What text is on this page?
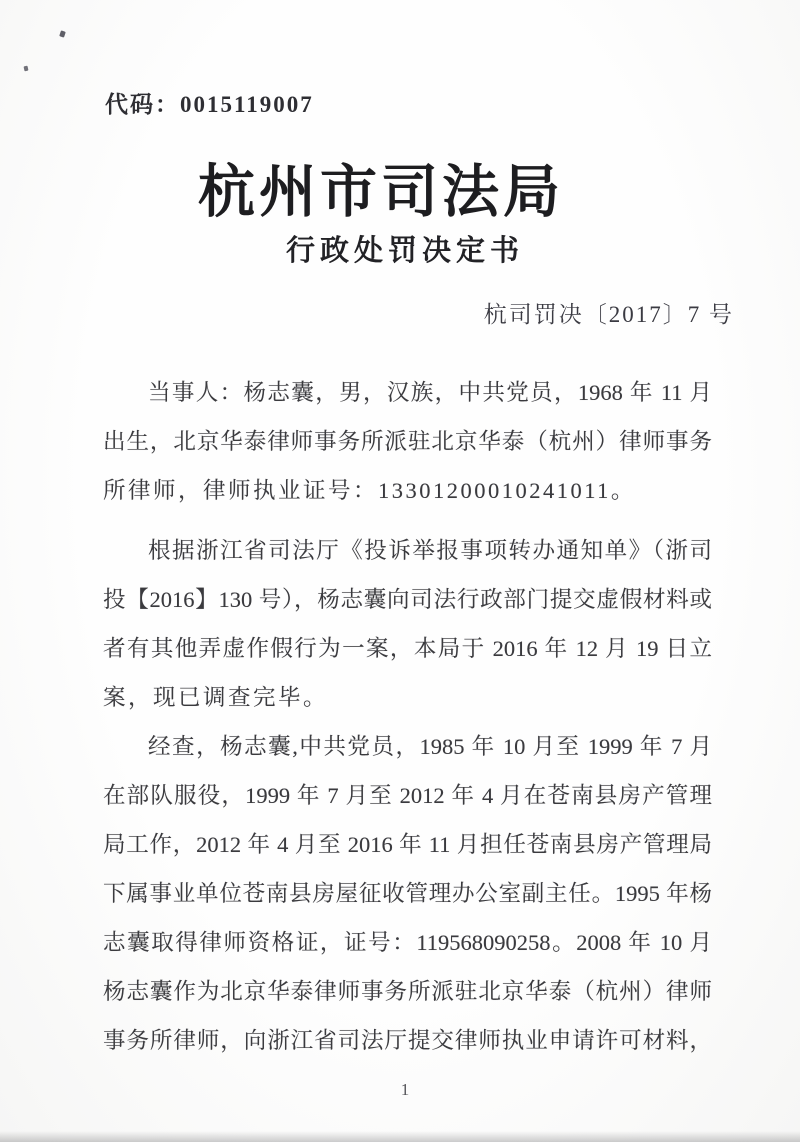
代码：0015119007
杭州市司法局
行政处罚决定书
杭司罚决〔2017〕7 号
当事人：杨志囊，男，汉族，中共党员，1968 年 11 月
出生，北京华泰律师事务所派驻北京华泰（杭州）律师事务
所律师，律师执业证号：13301200010241011。
根据浙江省司法厅《投诉举报事项转办通知单》（浙司
投【2016】130 号），杨志囊向司法行政部门提交虚假材料或
者有其他弄虚作假行为一案，本局于 2016 年 12 月 19 日立
案，现已调查完毕。
经查，杨志囊,中共党员，1985 年 10 月至 1999 年 7 月
在部队服役，1999 年 7 月至 2012 年 4 月在苍南县房产管理
局工作，2012 年 4 月至 2016 年 11 月担任苍南县房产管理局
下属事业单位苍南县房屋征收管理办公室副主任。1995 年杨
志囊取得律师资格证，证号：119568090258。2008 年 10 月
杨志囊作为北京华泰律师事务所派驻北京华泰（杭州）律师
事务所律师，向浙江省司法厅提交律师执业申请许可材料，
1
